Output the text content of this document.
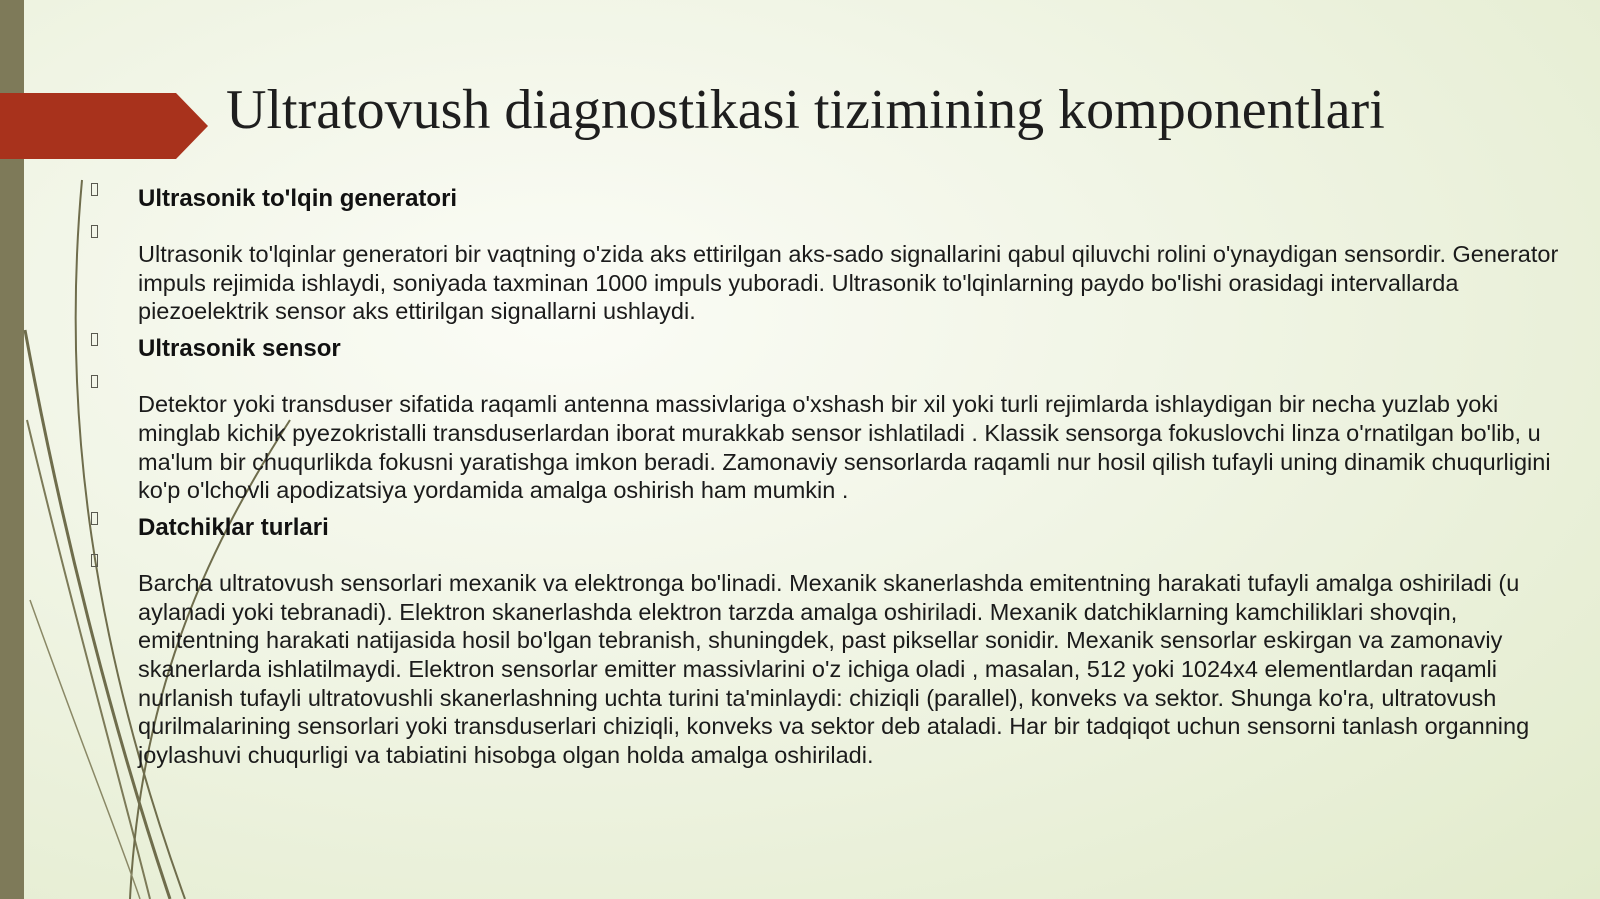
Ultratovush diagnostikasi tizimining komponentlari
Ultrasonik to'lqin generatori
Ultrasonik to'lqinlar generatori bir vaqtning o'zida aks ettirilgan aks-sado signallarini qabul qiluvchi rolini o'ynaydigan sensordir. Generator impuls rejimida ishlaydi, soniyada taxminan 1000 impuls yuboradi. Ultrasonik to'lqinlarning paydo bo'lishi orasidagi intervallarda piezoelektrik sensor aks ettirilgan signallarni ushlaydi.
Ultrasonik sensor
Detektor yoki transduser sifatida raqamli antenna massivlariga o'xshash bir xil yoki turli rejimlarda ishlaydigan bir necha yuzlab yoki minglab kichik pyezokristalli transduserlardan iborat murakkab sensor ishlatiladi . Klassik sensorga fokuslovchi linza o'rnatilgan bo'lib, u ma'lum bir chuqurlikda fokusni yaratishga imkon beradi. Zamonaviy sensorlarda raqamli nur hosil qilish tufayli uning dinamik chuqurligini ko'p o'lchovli apodizatsiya yordamida amalga oshirish ham mumkin .
Datchiklar turlari
Barcha ultratovush sensorlari mexanik va elektronga bo'linadi. Mexanik skanerlashda emitentning harakati tufayli amalga oshiriladi (u aylanadi yoki tebranadi). Elektron skanerlashda elektron tarzda amalga oshiriladi. Mexanik datchiklarning kamchiliklari shovqin, emitentning harakati natijasida hosil bo'lgan tebranish, shuningdek, past piksellar sonidir. Mexanik sensorlar eskirgan va zamonaviy skanerlarda ishlatilmaydi. Elektron sensorlar emitter massivlarini o'z ichiga oladi , masalan, 512 yoki 1024x4 elementlardan raqamli nurlanish tufayli ultratovushli skanerlashning uchta turini ta'minlaydi: chiziqli (parallel), konveks va sektor. Shunga ko'ra, ultratovush qurilmalarining sensorlari yoki transduserlari chiziqli, konveks va sektor deb ataladi. Har bir tadqiqot uchun sensorni tanlash organning joylashuvi chuqurligi va tabiatini hisobga olgan holda amalga oshiriladi.
